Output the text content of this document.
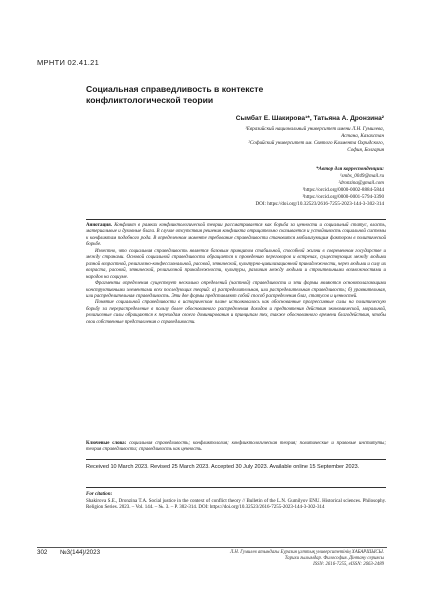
МРНТИ 02.41.21
Социальная справедливость в контексте
конфликтологической теории
Сымбат Е. Шакирова¹*, Татьяна А. Дронзина²
¹Евразийский национальный университет имени Л.Н. Гумилева,
Астана, Казахстан
²Софийский университет им. Святого Климента Охридского,
София, Болгария
*Автор для корреспонденции:
¹smbs_0049@mail.ru
²dronzina@gmail.com
¹https://orcid.org/0000-0002-8884-5844
²https://orcid.org/0000-0001-5794-3390
DOI: https://doi.org/10.32523/2616-7255-2023-144-3-302-314

Аннотация. Конфликт в рамках конфликтологической теории рассматривается как борьба за ценности и социальный статус, власть, материальные и духовные блага. В случае отсутствия решения конфликта отрицательно сказывается и устойчивость социальной системы к конфликтам подобного рода. В определенном моменте требование справедливости становится мобилизующим фактором в политической борьбе.

Известно, что социальная справедливость является базовым принципом стабильной, способной жизни в современном государстве и между странами. Основой социальной справедливости обращается к проведению переговоров и встречах, существующих между людьми разной возрастной, религиозно-конфессиональной, расовой, этнической, культурно-цивилизационной принадлежности, через людьми и силу их возраста, расовой, этнической, религиозной принадлежности, культуры, различия между людьми и строительными возможностями и народов на социуме.

Фрагменты определения существует несколько определений (частной) справедливости и эти формы являются основополагающими конструктивными элементами всех последующих теорий: а) распределительная, или распределительная справедливость; б) уравнительная, или распределительная справедливость. Эти две формы представляют собой способ распределения благ, статусов и ценностей.

Понятие социальной справедливости в историческом плане истолковалось как обоснованные прогрессивные силы на политическую борьбу за перераспределение в пользу более обоснованного распределения доходов и предпочтения действия экономической, моральной, религиозные силы обращаются к переходам своего доминирования и принципам тех, также обоснованного времени благодействия, чтобы свои собственные представления о справедливости.

Ключевые слова: социальная справедливость; конфликтология; конфликтологическая теория; политические и правовые институты; теория справедливости; справедливость как ценность.
Received 10 March 2023. Revised 25 March 2023. Accepted 30 July 2023. Available online 15 September 2023.
For citation:
Shakirova S.E., Dronzina T.A. Social justice in the context of conflict theory // Bulletin of the L.N. Gumilyov ENU. Historical sciences. Philosophy. Religion Series. 2023. – Vol. 144. – №. 3. – P. 302-314. DOI: https://doi.org/10.32523/2616-7255-2023-144-3-302-314
302 №3(144)/2023	Л.Н. Гумилев атындағы Еуразия ұлттық университетінің ХАБАРШЫСЫ.
Тарихи ғылымдар. Философия. Дінтану сериясы
ISSN: 2616-7255, eISSN: 2663-2489
